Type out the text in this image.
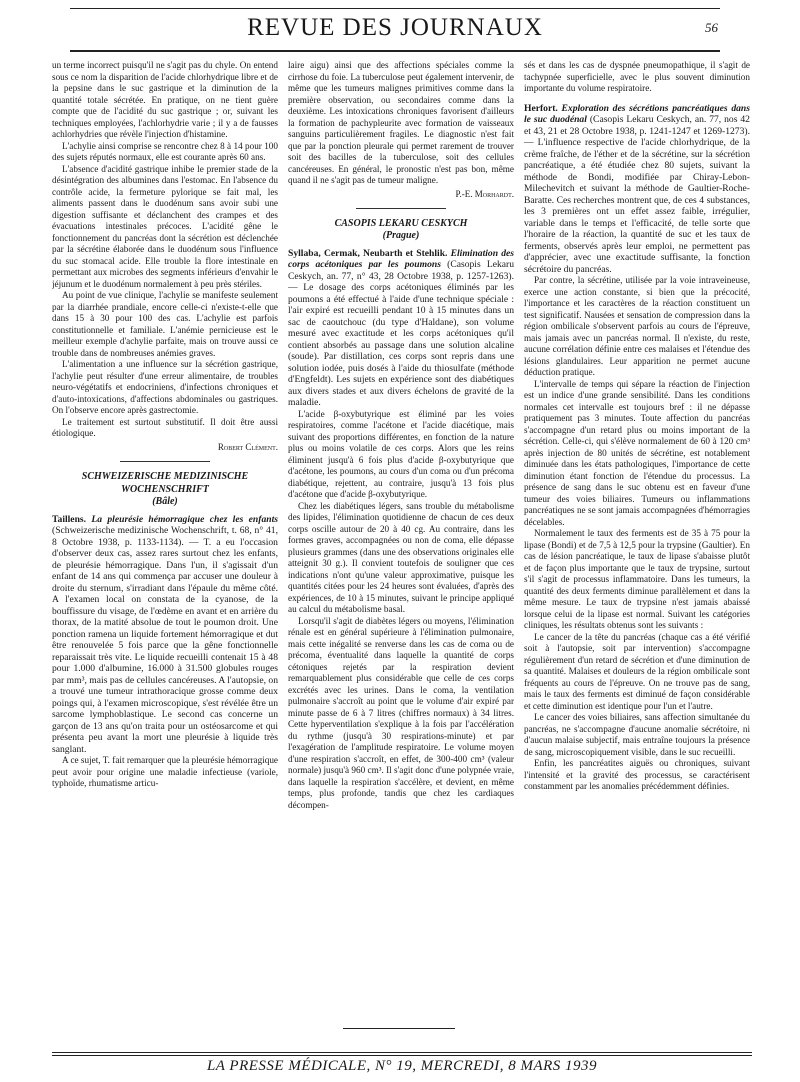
REVUE DES JOURNAUX	56

un terme incorrect puisqu'il ne s'agit pas du chyle. On entend sous ce nom la disparition de l'acide chlorhydrique libre et de la pepsine dans le suc gastrique et la diminution de la quantité totale sécrétée. En pratique, on ne tient guère compte que de l'acidité du suc gastrique ; or, suivant les techniques employées, l'achlorhydrie varie ; il y a de fausses achlorhydries que révèle l'injection d'histamine.

L'achylie ainsi comprise se rencontre chez 8 à 14 pour 100 des sujets réputés normaux, elle est courante après 60 ans.

L'absence d'acidité gastrique inhibe le premier stade de la désintégration des albumines dans l'estomac. En l'absence du contrôle acide, la fermeture pylorique se fait mal, les aliments passent dans le duodénum sans avoir subi une digestion suffisante et déclanchent des crampes et des évacuations intestinales précoces. L'acidité gêne le fonctionnement du pancréas dont la sécrétion est déclenchée par la sécrétine élaborée dans le duodénum sous l'influence du suc stomacal acide. Elle trouble la flore intestinale en permettant aux microbes des segments inférieurs d'envahir le jéjunum et le duodénum normalement à peu près stériles.

Au point de vue clinique, l'achylie se manifeste seulement par la diarrhée prandiale, encore celle-ci n'existe-t-elle que dans 15 à 30 pour 100 des cas. L'achylie est parfois constitutionnelle et familiale. L'anémie pernicieuse est le meilleur exemple d'achylie parfaite, mais on trouve aussi ce trouble dans de nombreuses anémies graves.

L'alimentation a une influence sur la sécrétion gastrique, l'achylie peut résulter d'une erreur alimentaire, de troubles neuro-végétatifs et endocriniens, d'infections chroniques et d'auto-intoxications, d'affections abdominales ou gastriques. On l'observe encore après gastrectomie.

Le traitement est surtout substitutif. Il doit être aussi étiologique.

Robert Clément.
SCHWEIZERISCHE MEDIZINISCHE WOCHENSCHRIFT
(Bâle)
Taillens. La pleurésie hémorragique chez les enfants (Schweizerische medizinische Wochenschrift, t. 68, n° 41, 8 Octobre 1938, p. 1133-1134). — T. a eu l'occasion d'observer deux cas, assez rares surtout chez les enfants, de pleurésie hémorragique. Dans l'un, il s'agissait d'un enfant de 14 ans qui commença par accuser une douleur à droite du sternum, s'irradiant dans l'épaule du même côté. A l'examen local on constata de la cyanose, de la bouffissure du visage, de l'œdème en avant et en arrière du thorax, de la matité absolue de tout le poumon droit. Une ponction ramena un liquide fortement hémorragique et dut être renouvelée 5 fois parce que la gêne fonctionnelle reparaissait très vite. Le liquide recueilli contenait 15 à 48 pour 1.000 d'albumine, 16.000 à 31.500 globules rouges par mm³, mais pas de cellules cancéreuses. A l'autopsie, on a trouvé une tumeur intrathoracique grosse comme deux poings qui, à l'examen microscopique, s'est révélée être un sarcome lymphoblastique. Le second cas concerne un garçon de 13 ans qu'on traita pour un ostéosarcome et qui présenta peu avant la mort une pleurésie à liquide très sanglant.

A ce sujet, T. fait remarquer que la pleurésie hémorragique peut avoir pour origine une maladie infectieuse (variole, typhoïde, rhumatisme articu-

laire aigu) ainsi que des affections spéciales comme la cirrhose du foie. La tuberculose peut également intervenir, de même que les tumeurs malignes primitives comme dans la première observation, ou secondaires comme dans la deuxième. Les intoxications chroniques favorisent d'ailleurs la formation de pachypleurite avec formation de vaisseaux sanguins particulièrement fragiles. Le diagnostic n'est fait que par la ponction pleurale qui permet rarement de trouver soit des bacilles de la tuberculose, soit des cellules cancéreuses. En général, le pronostic n'est pas bon, même quand il ne s'agit pas de tumeur maligne.

P.-E. Morhardt.
CASOPIS LEKARU CESKYCH
(Prague)
Syllaba, Cermak, Neubarth et Stehlik. Elimination des corps acétoniques par les poumons (Casopis Lekaru Ceskych, an. 77, n° 43, 28 Octobre 1938, p. 1257-1263). — Le dosage des corps acétoniques éliminés par les poumons a été effectué à l'aide d'une technique spéciale : l'air expiré est recueilli pendant 10 à 15 minutes dans un sac de caoutchouc (du type d'Haldane), son volume mesuré avec exactitude et les corps acétoniques qu'il contient absorbés au passage dans une solution alcaline (soude). Par distillation, ces corps sont repris dans une solution iodée, puis dosés à l'aide du thiosulfate (méthode d'Engfeldt). Les sujets en expérience sont des diabétiques aux divers stades et aux divers échelons de gravité de la maladie.

L'acide β-oxybutyrique est éliminé par les voies respiratoires, comme l'acétone et l'acide diacétique, mais suivant des proportions différentes, en fonction de la nature plus ou moins volatile de ces corps. Alors que les reins éliminent jusqu'à 6 fois plus d'acide β-oxybutyrique que d'acétone, les poumons, au cours d'un coma ou d'un précoma diabétique, rejettent, au contraire, jusqu'à 13 fois plus d'acétone que d'acide β-oxybutyrique.

Chez les diabétiques légers, sans trouble du métabolisme des lipides, l'élimination quotidienne de chacun de ces deux corps oscille autour de 20 à 40 cg. Au contraire, dans les formes graves, accompagnées ou non de coma, elle dépasse plusieurs grammes (dans une des observations originales elle atteignit 30 g.). Il convient toutefois de souligner que ces indications n'ont qu'une valeur approximative, puisque les quantités citées pour les 24 heures sont évaluées, d'après des expériences, de 10 à 15 minutes, suivant le principe appliqué au calcul du métabolisme basal.

Lorsqu'il s'agit de diabètes légers ou moyens, l'élimination rénale est en général supérieure à l'élimination pulmonaire, mais cette inégalité se renverse dans les cas de coma ou de précoma, éventualité dans laquelle la quantité de corps cétoniques rejetés par la respiration devient remarquablement plus considérable que celle de ces corps excrétés avec les urines. Dans le coma, la ventilation pulmonaire s'accroît au point que le volume d'air expiré par minute passe de 6 à 7 litres (chiffres normaux) à 34 litres. Cette hyperventilation s'explique à la fois par l'accélération du rythme (jusqu'à 30 respirations-minute) et par l'exagération de l'amplitude respiratoire. Le volume moyen d'une respiration s'accroît, en effet, de 300-400 cm³ (valeur normale) jusqu'à 960 cm³. Il s'agit donc d'une polypnée vraie, dans laquelle la respiration s'accélère, et devient, en même temps, plus profonde, tandis que chez les cardiaques décompen-

sés et dans les cas de dyspnée pneumopathique, il s'agit de tachypnée superficielle, avec le plus souvent diminution importante du volume respiratoire.

Herfort. Exploration des sécrétions pancréatiques dans le suc duodénal (Casopis Lekaru Ceskych, an. 77, nos 42 et 43, 21 et 28 Octobre 1938, p. 1241-1247 et 1269-1273). — L'influence respective de l'acide chlorhydrique, de la crème fraîche, de l'éther et de la sécrétine, sur la sécrétion pancréatique, a été étudiée chez 80 sujets, suivant la méthode de Bondi, modifiée par Chiray-Lebon-Milechevitch et suivant la méthode de Gaultier-Roche-Baratte. Ces recherches montrent que, de ces 4 substances, les 3 premières ont un effet assez faible, irrégulier, variable dans le temps et l'efficacité, de telle sorte que l'horaire de la réaction, la quantité de suc et les taux de ferments, observés après leur emploi, ne permettent pas d'apprécier, avec une exactitude suffisante, la fonction sécrétoire du pancréas.

Par contre, la sécrétine, utilisée par la voie intraveineuse, exerce une action constante, si bien que la précocité, l'importance et les caractères de la réaction constituent un test significatif. Nausées et sensation de compression dans la région ombilicale s'observent parfois au cours de l'épreuve, mais jamais avec un pancréas normal. Il n'existe, du reste, aucune corrélation définie entre ces malaises et l'étendue des lésions glandulaires. Leur apparition ne permet aucune déduction pratique.

L'intervalle de temps qui sépare la réaction de l'injection est un indice d'une grande sensibilité. Dans les conditions normales cet intervalle est toujours bref : il ne dépasse pratiquement pas 3 minutes. Toute affection du pancréas s'accompagne d'un retard plus ou moins important de la sécrétion. Celle-ci, qui s'élève normalement de 60 à 120 cm³ après injection de 80 unités de sécrétine, est notablement diminuée dans les états pathologiques, l'importance de cette diminution étant fonction de l'étendue du processus. La présence de sang dans le suc obtenu est en faveur d'une tumeur des voies biliaires. Tumeurs ou inflammations pancréatiques ne se sont jamais accompagnées d'hémorragies décelables.

Normalement le taux des ferments est de 35 à 75 pour la lipase (Bondi) et de 7,5 à 12,5 pour la trypsine (Gaultier). En cas de lésion pancréatique, le taux de lipase s'abaisse plutôt et de façon plus importante que le taux de trypsine, surtout s'il s'agit de processus inflammatoire. Dans les tumeurs, la quantité des deux ferments diminue parallèlement et dans la même mesure. Le taux de trypsine n'est jamais abaissé lorsque celui de la lipase est normal. Suivant les catégories cliniques, les résultats obtenus sont les suivants :

Le cancer de la tête du pancréas (chaque cas a été vérifié soit à l'autopsie, soit par intervention) s'accompagne régulièrement d'un retard de sécrétion et d'une diminution de sa quantité. Malaises et douleurs de la région ombilicale sont fréquents au cours de l'épreuve. On ne trouve pas de sang, mais le taux des ferments est diminué de façon considérable et cette diminution est identique pour l'un et l'autre.

Le cancer des voies biliaires, sans affection simultanée du pancréas, ne s'accompagne d'aucune anomalie sécrétoire, ni d'aucun malaise subjectif, mais entraîne toujours la présence de sang, microscopiquement visible, dans le suc recueilli.

Enfin, les pancréatites aiguës ou chroniques, suivant l'intensité et la gravité des processus, se caractérisent constamment par les anomalies précédemment définies.

LA PRESSE MÉDICALE, N° 19, MERCREDI, 8 MARS 1939
